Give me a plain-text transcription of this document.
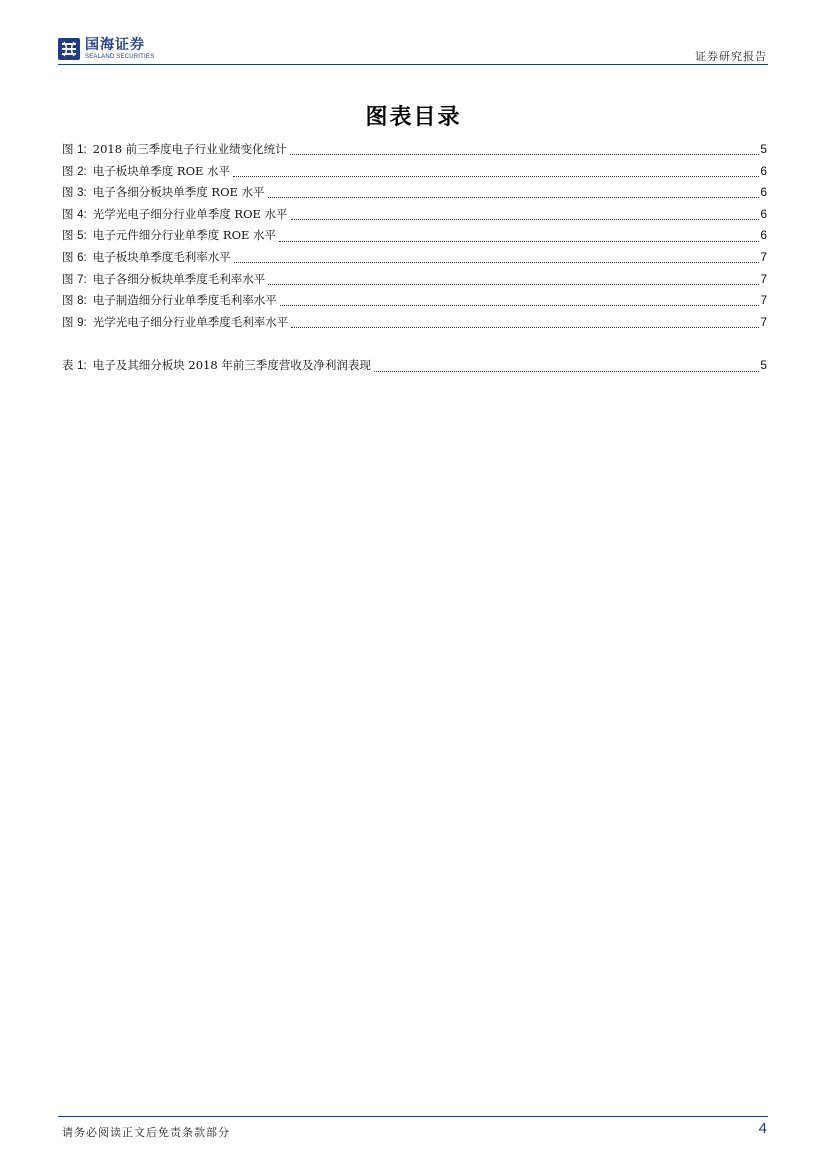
国海证券
SEALAND SECURITIES	证券研究报告
图表目录
图 1: 2018 前三季度电子行业业绩变化统计	5
图 2: 电子板块单季度 ROE 水平	6
图 3: 电子各细分板块单季度 ROE 水平	6
图 4: 光学光电子细分行业单季度 ROE 水平	6
图 5: 电子元件细分行业单季度 ROE 水平	6
图 6: 电子板块单季度毛利率水平	7
图 7: 电子各细分板块单季度毛利率水平	7
图 8: 电子制造细分行业单季度毛利率水平	7
图 9: 光学光电子细分行业单季度毛利率水平	7
表 1: 电子及其细分板块 2018 年前三季度营收及净利润表现	5
请务必阅读正文后免责条款部分	4
